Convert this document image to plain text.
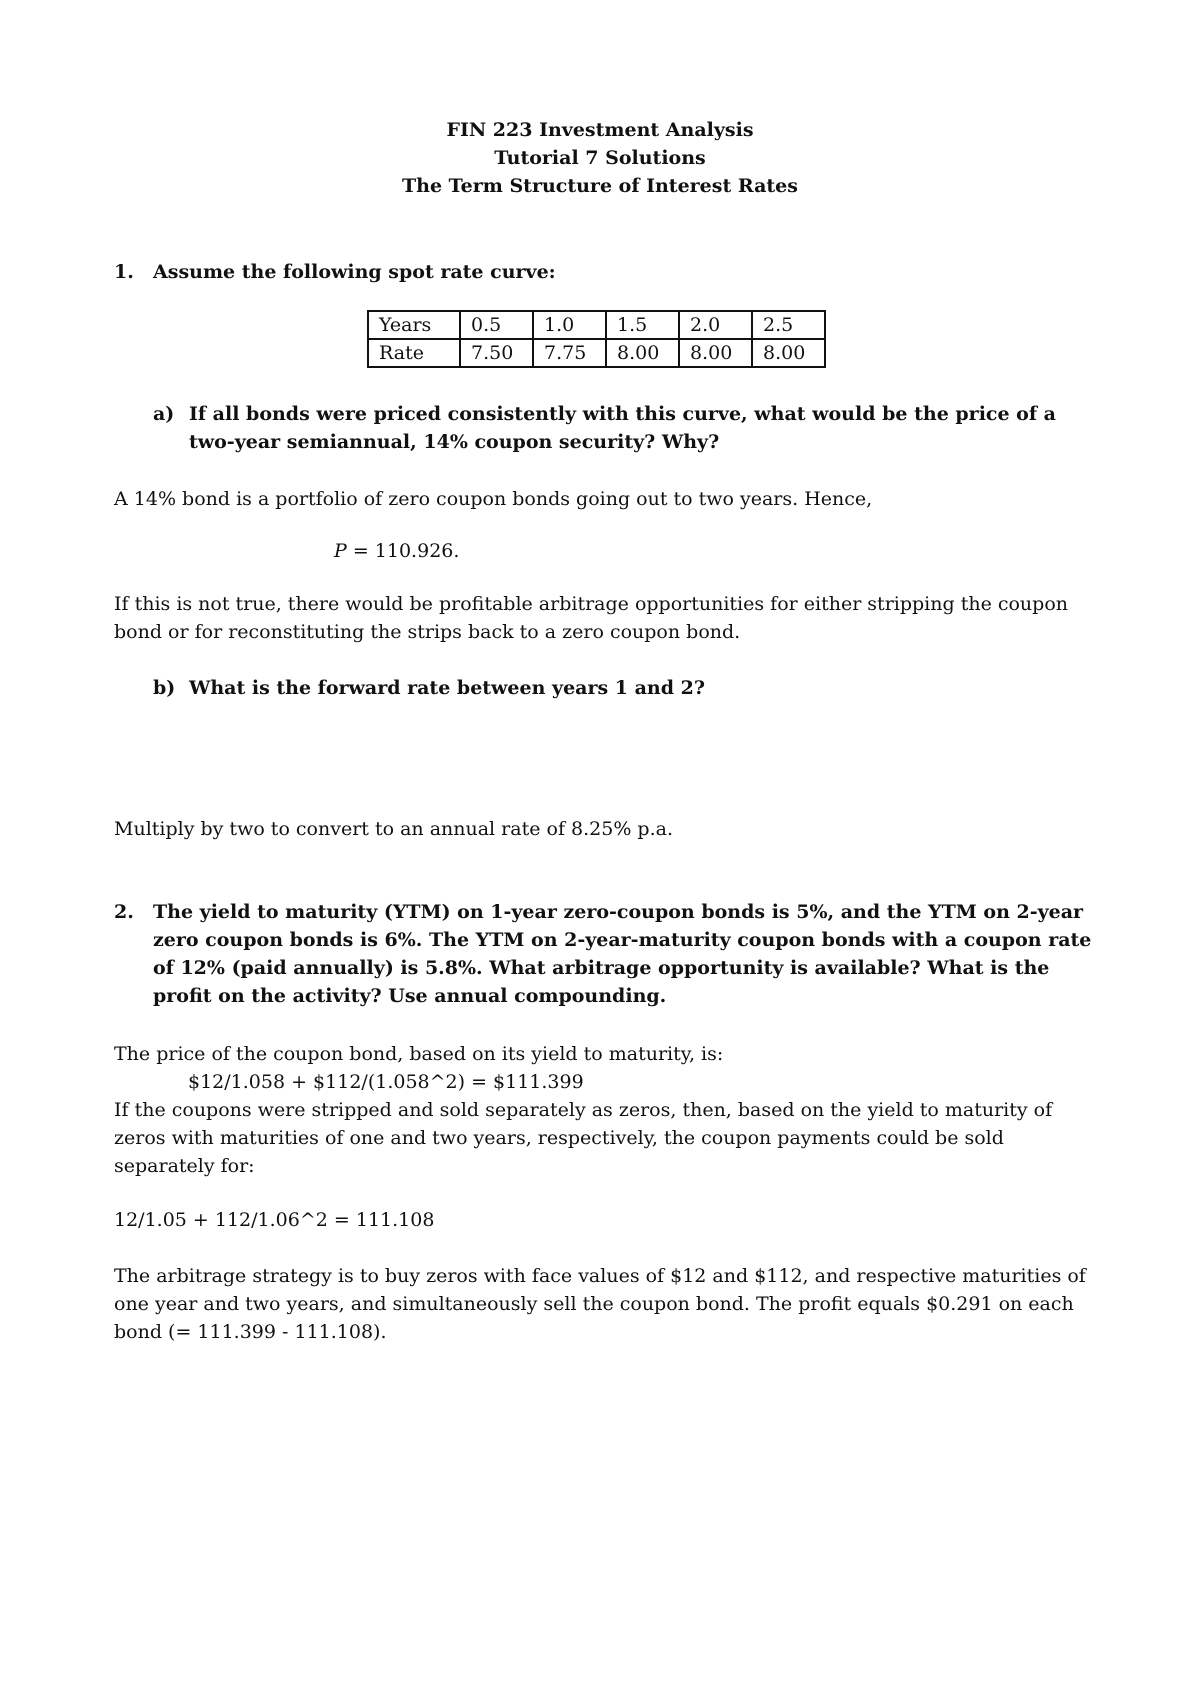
FIN 223 Investment Analysis
Tutorial 7 Solutions
The Term Structure of Interest Rates
1.	Assume the following spot rate curve:
Years	0.5	1.0	1.5	2.0	2.5
Rate	7.50	7.75	8.00	8.00	8.00
a) If all bonds were priced consistently with this curve, what would be the price of a two-year semiannual, 14% coupon security? Why?
A 14% bond is a portfolio of zero coupon bonds going out to two years. Hence,
P = 110.926.
If this is not true, there would be profitable arbitrage opportunities for either stripping the coupon bond or for reconstituting the strips back to a zero coupon bond.
b) What is the forward rate between years 1 and 2?
Multiply by two to convert to an annual rate of 8.25% p.a.
2.	The yield to maturity (YTM) on 1-year zero-coupon bonds is 5%, and the YTM on 2-year zero coupon bonds is 6%. The YTM on 2-year-maturity coupon bonds with a coupon rate of 12% (paid annually) is 5.8%. What arbitrage opportunity is available? What is the profit on the activity? Use annual compounding.
The price of the coupon bond, based on its yield to maturity, is:
$12/1.058 + $112/(1.058^2) = $111.399
If the coupons were stripped and sold separately as zeros, then, based on the yield to maturity of zeros with maturities of one and two years, respectively, the coupon payments could be sold separately for:
12/1.05 + 112/1.06^2 = 111.108
The arbitrage strategy is to buy zeros with face values of $12 and $112, and respective maturities of one year and two years, and simultaneously sell the coupon bond. The profit equals $0.291 on each bond (= 111.399 - 111.108).
